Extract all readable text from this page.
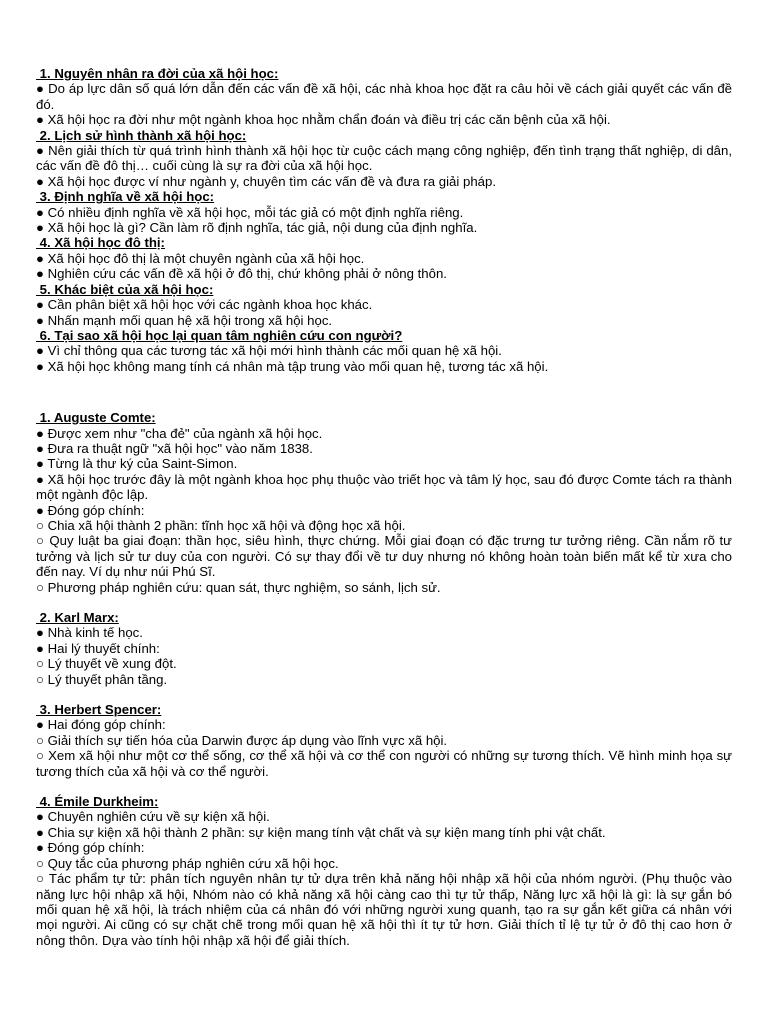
1. Nguyên nhân ra đời của xã hội học:
● Do áp lực dân số quá lớn dẫn đến các vấn đề xã hội, các nhà khoa học đặt ra câu hỏi về cách giải quyết các vấn đề đó.
● Xã hội học ra đời như một ngành khoa học nhằm chẩn đoán và điều trị các căn bệnh của xã hội.
2. Lịch sử hình thành xã hội học:
● Nên giải thích từ quá trình hình thành xã hội học từ cuộc cách mạng công nghiệp, đến tình trạng thất nghiệp, di dân, các vấn đề đô thị… cuối cùng là sự ra đời của xã hội học.
● Xã hội học được ví như ngành y, chuyên tìm các vấn đề và đưa ra giải pháp.
3. Định nghĩa về xã hội học:
● Có nhiều định nghĩa về xã hội học, mỗi tác giả có một định nghĩa riêng.
● Xã hội học là gì? Cần làm rõ định nghĩa, tác giả, nội dung của định nghĩa.
4. Xã hội học đô thị:
● Xã hội học đô thị là một chuyên ngành của xã hội học.
● Nghiên cứu các vấn đề xã hội ở đô thị, chứ không phải ở nông thôn.
5. Khác biệt của xã hội học:
● Cần phân biệt xã hội học với các ngành khoa học khác.
● Nhấn mạnh mối quan hệ xã hội trong xã hội học.
6. Tại sao xã hội học lại quan tâm nghiên cứu con người?
● Vì chỉ thông qua các tương tác xã hội mới hình thành các mối quan hệ xã hội.
● Xã hội học không mang tính cá nhân mà tập trung vào mối quan hệ, tương tác xã hội.
1. Auguste Comte:
● Được xem như "cha đẻ" của ngành xã hội học.
● Đưa ra thuật ngữ "xã hội học" vào năm 1838.
● Từng là thư ký của Saint-Simon.
● Xã hội học trước đây là một ngành khoa học phụ thuộc vào triết học và tâm lý học, sau đó được Comte tách ra thành một ngành độc lập.
● Đóng góp chính:
○ Chia xã hội thành 2 phần: tĩnh học xã hội và động học xã hội.
○ Quy luật ba giai đoạn: thần học, siêu hình, thực chứng. Mỗi giai đoạn có đặc trưng tư tưởng riêng. Cần nắm rõ tư tưởng và lịch sử tư duy của con người. Có sự thay đổi về tư duy nhưng nó không hoàn toàn biến mất kể từ xưa cho đến nay. Ví dụ như núi Phú Sĩ.
○ Phương pháp nghiên cứu: quan sát, thực nghiệm, so sánh, lịch sử.
2. Karl Marx:
● Nhà kinh tế học.
● Hai lý thuyết chính:
○ Lý thuyết về xung đột.
○ Lý thuyết phân tầng.
3. Herbert Spencer:
● Hai đóng góp chính:
○ Giải thích sự tiến hóa của Darwin được áp dụng vào lĩnh vực xã hội.
○ Xem xã hội như một cơ thể sống, cơ thể xã hội và cơ thể con người có những sự tương thích. Vẽ hình minh họa sự tương thích của xã hội và cơ thể người.
4. Émile Durkheim:
● Chuyên nghiên cứu về sự kiện xã hội.
● Chia sự kiện xã hội thành 2 phần: sự kiện mang tính vật chất và sự kiện mang tính phi vật chất.
● Đóng góp chính:
○ Quy tắc của phương pháp nghiên cứu xã hội học.
○ Tác phẩm tự tử: phân tích nguyên nhân tự tử dựa trên khả năng hội nhập xã hội của nhóm người. (Phụ thuộc vào năng lực hội nhập xã hội, Nhóm nào có khả năng xã hội càng cao thì tự tử thấp, Năng lực xã hội là gì: là sự gắn bó mối quan hệ xã hội, là trách nhiệm của cá nhân đó với những người xung quanh, tạo ra sự gắn kết giữa cá nhân với mọi người. Ai cũng có sự chặt chẽ trong mối quan hệ xã hội thì ít tự tử hơn. Giải thích tỉ lệ tự tử ở đô thị cao hơn ở nông thôn. Dựa vào tính hội nhập xã hội để giải thích.
